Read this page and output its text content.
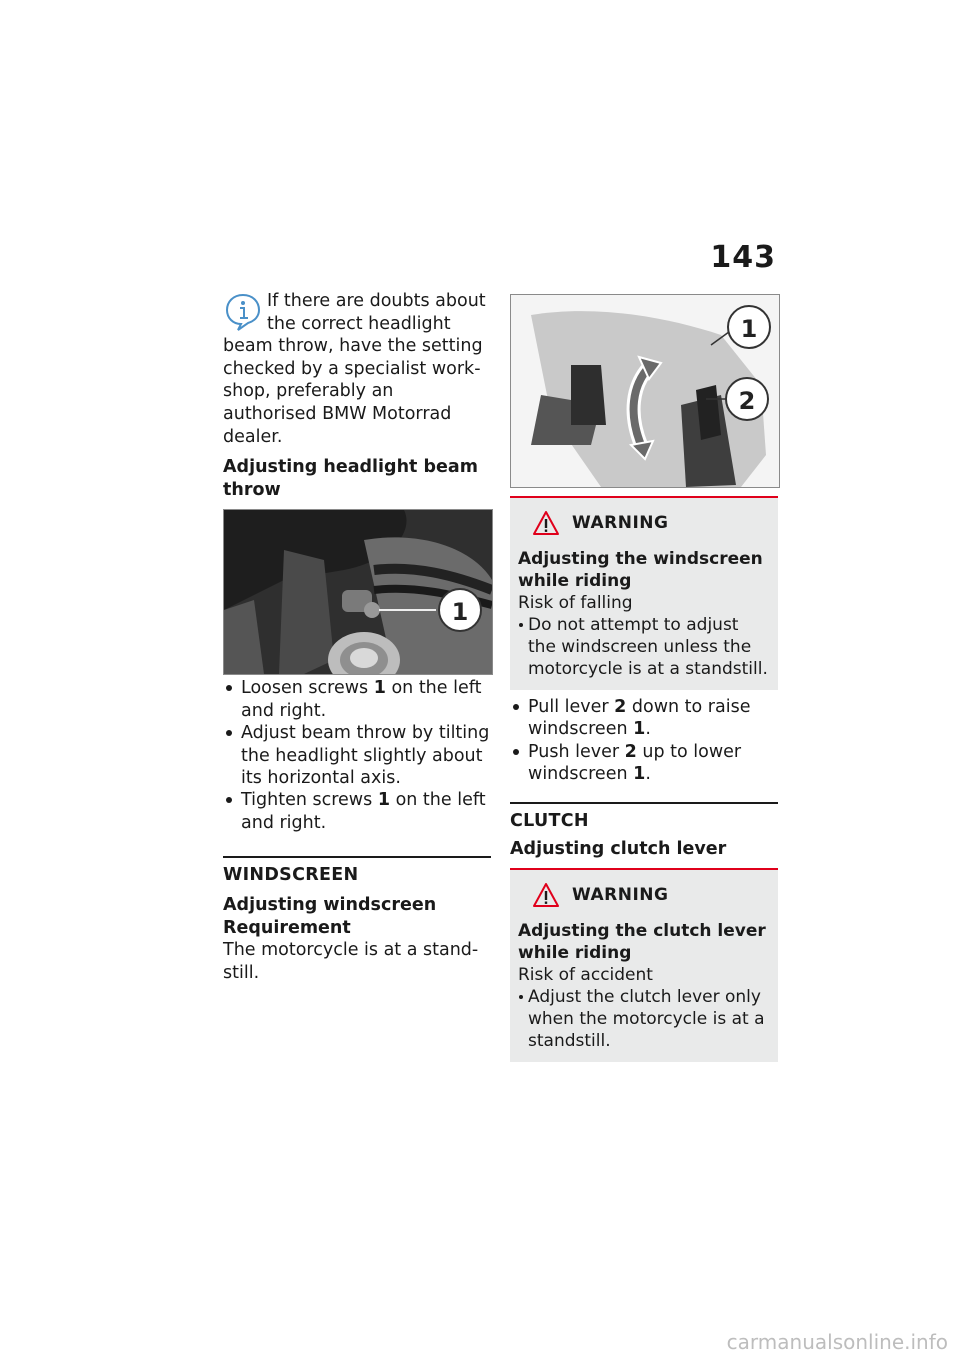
143

If there are doubts about
the correct headlight
beam throw, have the setting checked by a specialist workshop, preferably an authorised BMW Motorrad dealer.

Adjusting headlight beam throw

1
Loosen screws 1 on the left and right.
Adjust beam throw by tilting the headlight slightly about its horizontal axis.
Tighten screws 1 on the left and right.
WINDSCREEN

Adjusting windscreen

Requirement

The motorcycle is at a standstill.

1
2
WARNING

Adjusting the windscreen while riding

Risk of falling

Do not attempt to adjust the windscreen unless the motorcycle is at a standstill.
Pull lever 2 down to raise windscreen 1.
Push lever 2 up to lower windscreen 1.
CLUTCH

Adjusting clutch lever

WARNING

Adjusting the clutch lever while riding

Risk of accident

Adjust the clutch lever only when the motorcycle is at a standstill.
carmanualsonline.info
